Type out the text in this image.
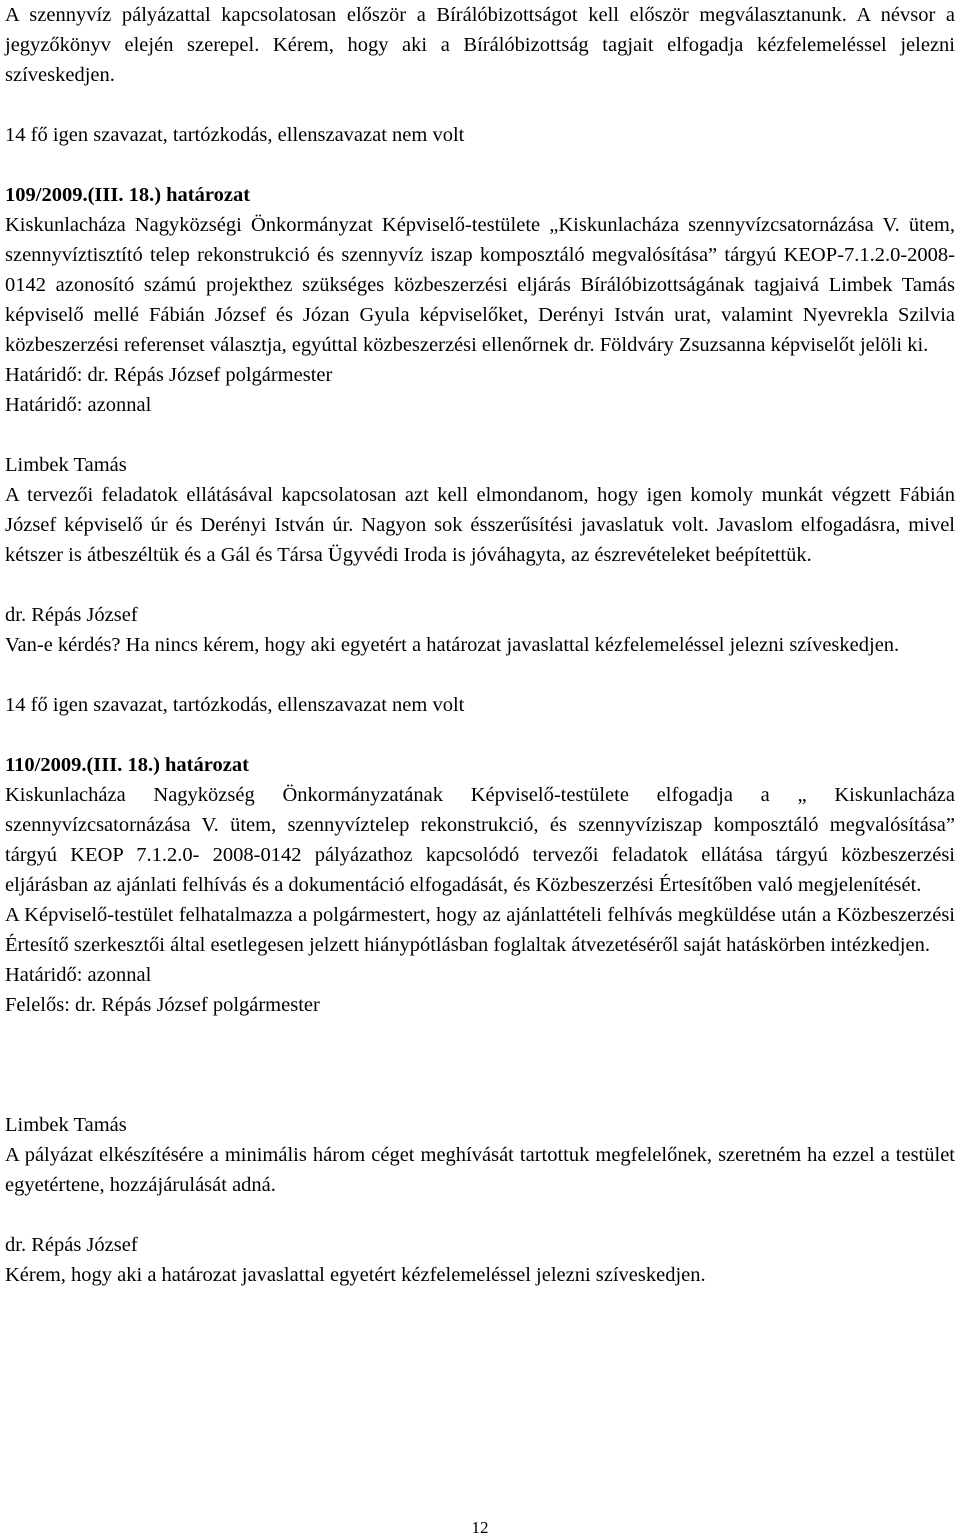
A szennyvíz pályázattal kapcsolatosan először a Bírálóbizottságot kell először megválasztanunk. A névsor a jegyzőkönyv elején szerepel. Kérem, hogy aki a Bírálóbizottság tagjait elfogadja kézfelemeléssel jelezni szíveskedjen.

14 fő igen szavazat, tartózkodás, ellenszavazat nem volt

109/2009.(III. 18.) határozat

Kiskunlacháza Nagyközségi Önkormányzat Képviselő-testülete „Kiskunlacháza szennyvízcsatornázása V. ütem, szennyvíztisztító telep rekonstrukció és szennyvíz iszap komposztáló megvalósítása” tárgyú KEOP-7.1.2.0-2008-0142 azonosító számú projekthez szükséges közbeszerzési eljárás Bírálóbizottságának tagjaivá Limbek Tamás képviselő mellé Fábián József és Józan Gyula képviselőket, Derényi István urat, valamint Nyevrekla Szilvia közbeszerzési referenset választja, egyúttal közbeszerzési ellenőrnek dr. Földváry Zsuzsanna képviselőt jelöli ki.

Határidő: dr. Répás József polgármester

Határidő: azonnal

Limbek Tamás

A tervezői feladatok ellátásával kapcsolatosan azt kell elmondanom, hogy igen komoly munkát végzett Fábián József képviselő úr és Derényi István úr. Nagyon sok ésszerűsítési javaslatuk volt. Javaslom elfogadásra, mivel kétszer is átbeszéltük és a Gál és Társa Ügyvédi Iroda is jóváhagyta, az észrevételeket beépítettük.

dr. Répás József

Van-e kérdés? Ha nincs kérem, hogy aki egyetért a határozat javaslattal kézfelemeléssel jelezni szíveskedjen.

14 fő igen szavazat, tartózkodás, ellenszavazat nem volt

110/2009.(III. 18.) határozat

Kiskunlacháza Nagyközség Önkormányzatának Képviselő-testülete elfogadja a „ Kiskunlacháza szennyvízcsatornázása V. ütem, szennyvíztelep rekonstrukció, és szennyvíziszap komposztáló megvalósítása” tárgyú KEOP 7.1.2.0- 2008-0142 pályázathoz kapcsolódó tervezői feladatok ellátása tárgyú közbeszerzési eljárásban az ajánlati felhívás és a dokumentáció elfogadását, és Közbeszerzési Értesítőben való megjelenítését.

A Képviselő-testület felhatalmazza a polgármestert, hogy az ajánlattételi felhívás megküldése után a Közbeszerzési Értesítő szerkesztői által esetlegesen jelzett hiánypótlásban foglaltak átvezetéséről saját hatáskörben intézkedjen.

Határidő: azonnal

Felelős: dr. Répás József polgármester

Limbek Tamás

A pályázat elkészítésére a minimális három céget meghívását tartottuk megfelelőnek, szeretném ha ezzel a testület egyetértene, hozzájárulását adná.

dr. Répás József

Kérem, hogy aki a határozat javaslattal egyetért kézfelemeléssel jelezni szíveskedjen.

12
